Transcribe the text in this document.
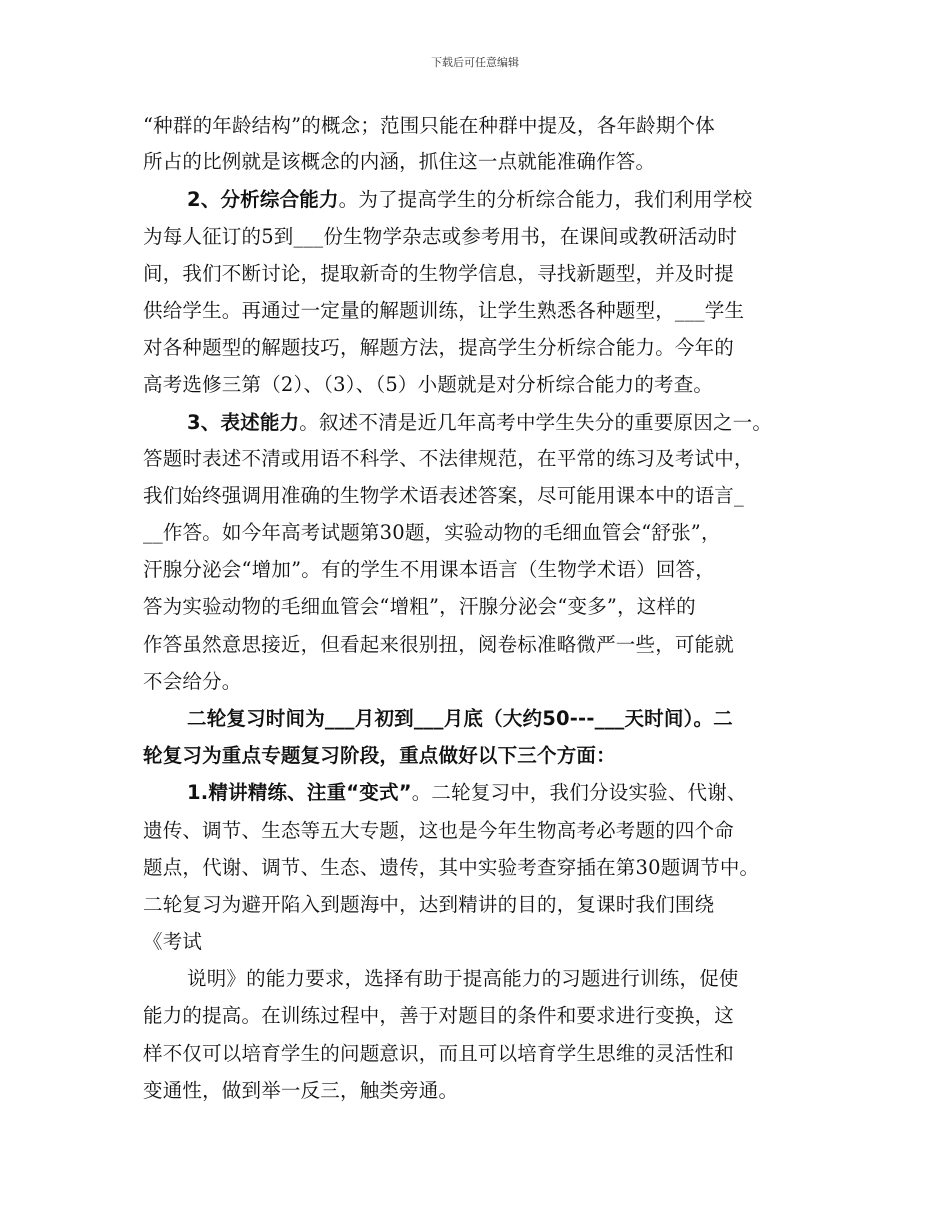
下载后可任意编辑
“种群的年龄结构”的概念；范围只能在种群中提及，各年龄期个体
所占的比例就是该概念的内涵，抓住这一点就能准确作答。
2、分析综合能力。为了提高学生的分析综合能力，我们利用学校
为每人征订的5到___份生物学杂志或参考用书，在课间或教研活动时
间，我们不断讨论，提取新奇的生物学信息，寻找新题型，并及时提
供给学生。再通过一定量的解题训练，让学生熟悉各种题型，___学生
对各种题型的解题技巧，解题方法，提高学生分析综合能力。今年的
高考选修三第（2）、（3）、（5）小题就是对分析综合能力的考查。
3、表述能力。叙述不清是近几年高考中学生失分的重要原因之一。
答题时表述不清或用语不科学、不法律规范，在平常的练习及考试中，
我们始终强调用准确的生物学术语表述答案，尽可能用课本中的语言_
__作答。如今年高考试题第30题，实验动物的毛细血管会“舒张”，
汗腺分泌会“增加”。有的学生不用课本语言（生物学术语）回答，
答为实验动物的毛细血管会“增粗”，汗腺分泌会“变多”，这样的
作答虽然意思接近，但看起来很别扭，阅卷标准略微严一些，可能就
不会给分。
二轮复习时间为___月初到___月底（大约50---___天时间）。二
轮复习为重点专题复习阶段，重点做好以下三个方面：
1.精讲精练、注重“变式”。二轮复习中，我们分设实验、代谢、
遗传、调节、生态等五大专题，这也是今年生物高考必考题的四个命
题点，代谢、调节、生态、遗传，其中实验考查穿插在第30题调节中。
二轮复习为避开陷入到题海中，达到精讲的目的，复课时我们围绕
《考试
说明》的能力要求，选择有助于提高能力的习题进行训练，促使
能力的提高。在训练过程中，善于对题目的条件和要求进行变换，这
样不仅可以培育学生的问题意识，而且可以培育学生思维的灵活性和
变通性，做到举一反三，触类旁通。
